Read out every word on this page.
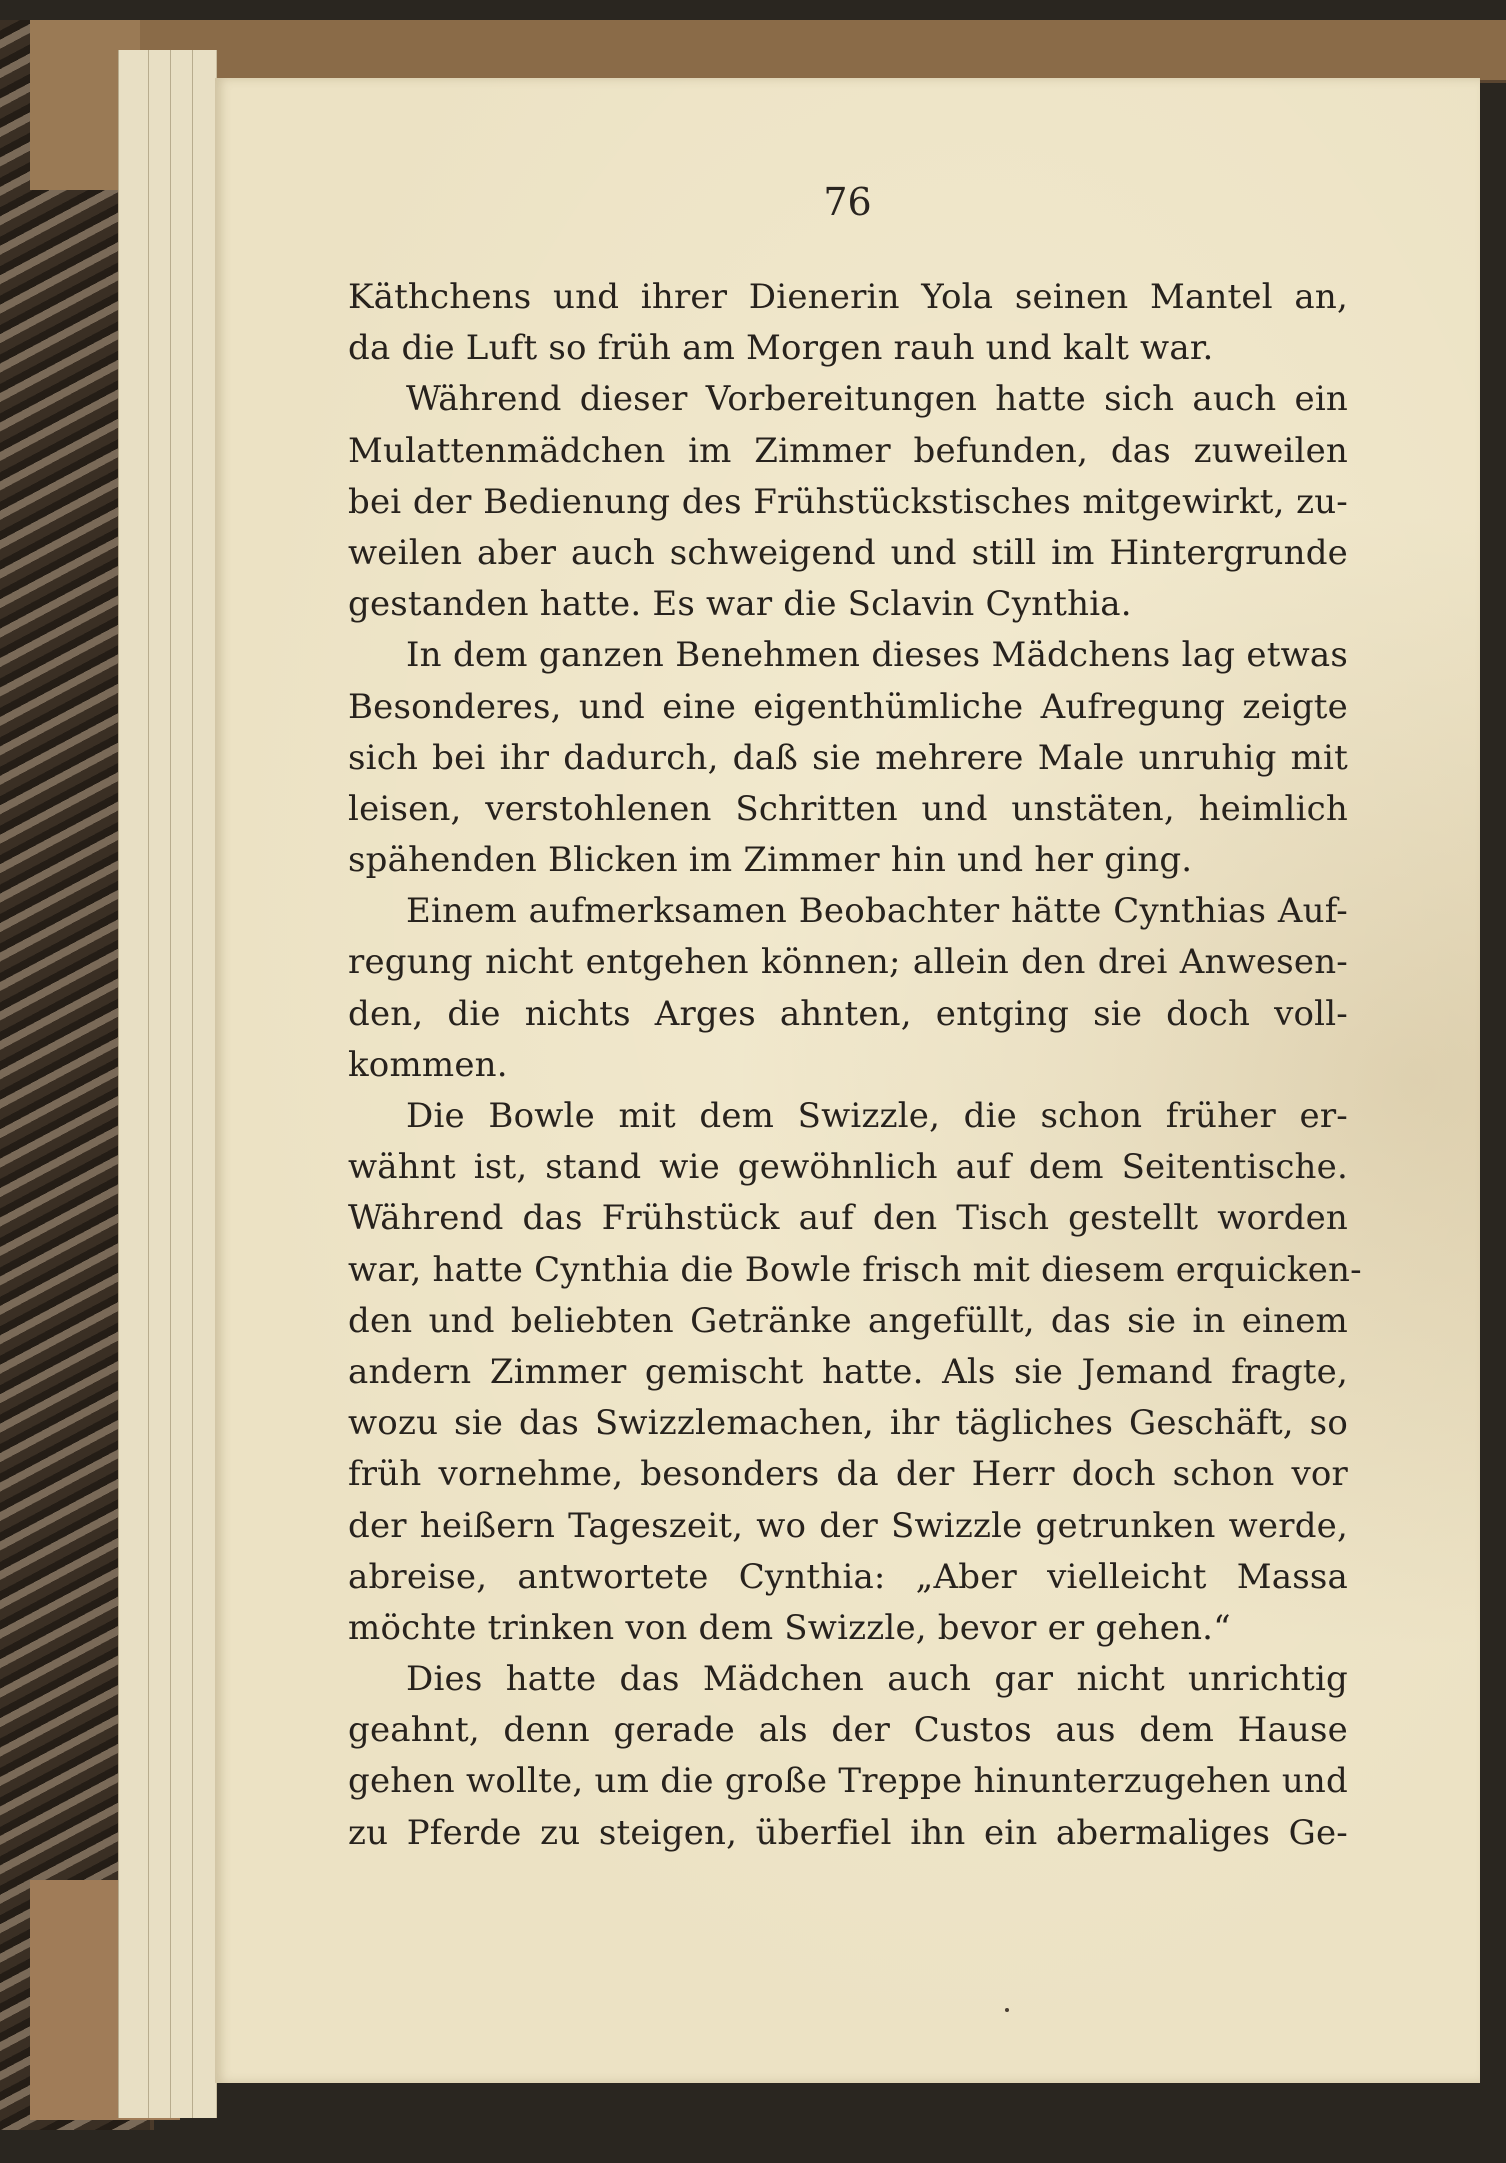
76

Käthchens und ihrer Dienerin Yola seinen Mantel an,
da die Luft so früh am Morgen rauh und kalt war.
Während dieser Vorbereitungen hatte sich auch ein
Mulattenmädchen im Zimmer befunden, das zuweilen
bei der Bedienung des Frühstückstisches mitgewirkt, zu-
weilen aber auch schweigend und still im Hintergrunde
gestanden hatte. Es war die Sclavin Cynthia.
In dem ganzen Benehmen dieses Mädchens lag etwas
Besonderes, und eine eigenthümliche Aufregung zeigte
sich bei ihr dadurch, daß sie mehrere Male unruhig mit
leisen, verstohlenen Schritten und unstäten, heimlich
spähenden Blicken im Zimmer hin und her ging.
Einem aufmerksamen Beobachter hätte Cynthias Auf-
regung nicht entgehen können; allein den drei Anwesen-
den, die nichts Arges ahnten, entging sie doch voll-
kommen.
Die Bowle mit dem Swizzle, die schon früher er-
wähnt ist, stand wie gewöhnlich auf dem Seitentische.
Während das Frühstück auf den Tisch gestellt worden
war, hatte Cynthia die Bowle frisch mit diesem erquicken-
den und beliebten Getränke angefüllt, das sie in einem
andern Zimmer gemischt hatte. Als sie Jemand fragte,
wozu sie das Swizzlemachen, ihr tägliches Geschäft, so
früh vornehme, besonders da der Herr doch schon vor
der heißern Tageszeit, wo der Swizzle getrunken werde,
abreise, antwortete Cynthia: „Aber vielleicht Massa
möchte trinken von dem Swizzle, bevor er gehen.“
Dies hatte das Mädchen auch gar nicht unrichtig
geahnt, denn gerade als der Custos aus dem Hause
gehen wollte, um die große Treppe hinunterzugehen und
zu Pferde zu steigen, überfiel ihn ein abermaliges Ge-
